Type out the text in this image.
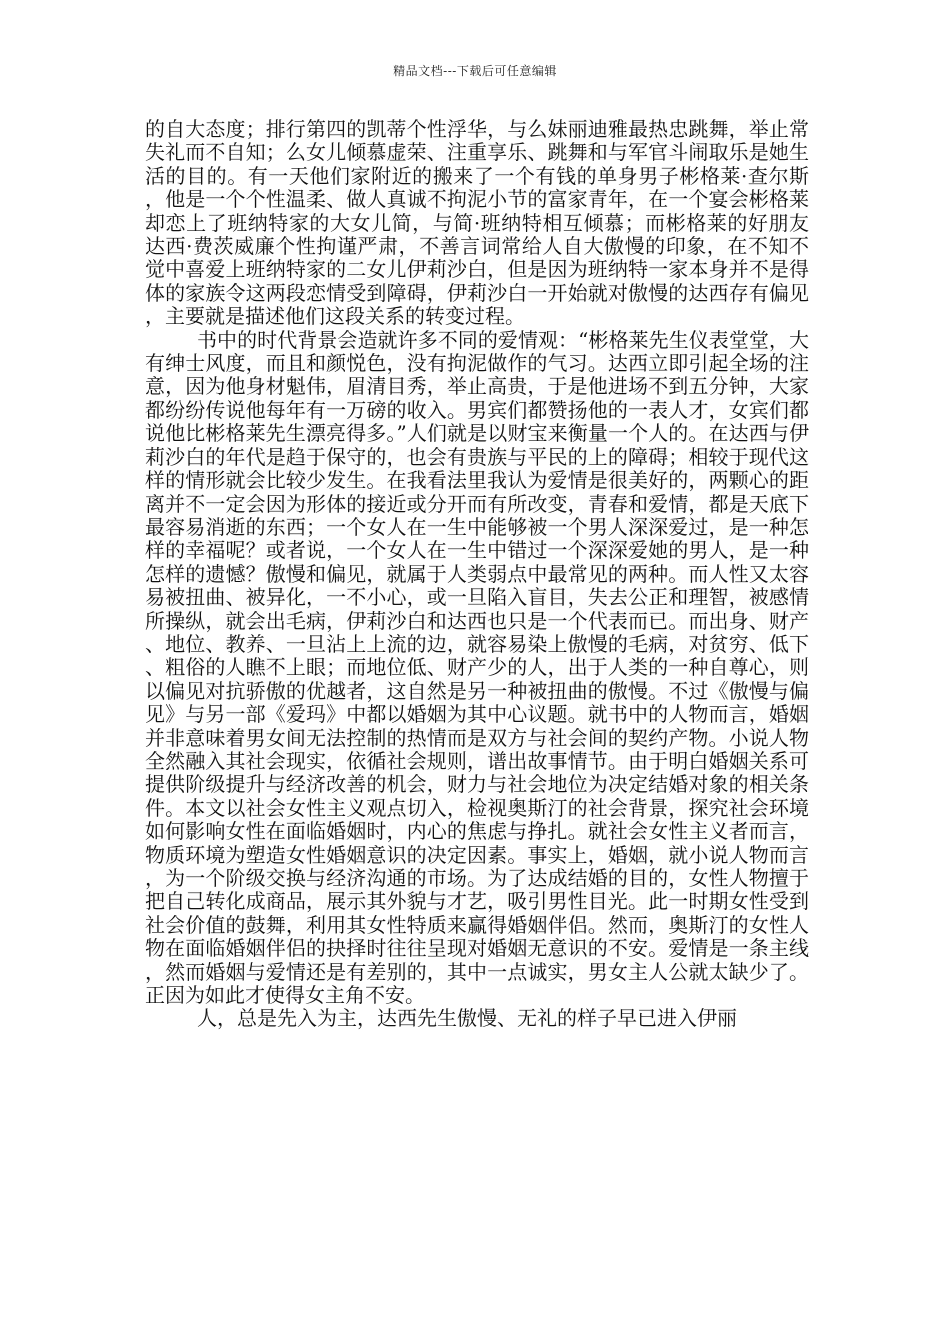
精品文档---下载后可任意编辑

的自大态度；排行第四的凯蒂个性浮华，与么妹丽迪雅最热忠跳舞，举止常失礼而不自知；么女儿倾慕虚荣、注重享乐、跳舞和与军官斗闹取乐是她生活的目的。有一天他们家附近的搬来了一个有钱的单身男子彬格莱·查尔斯，他是一个个性温柔、做人真诚不拘泥小节的富家青年，在一个宴会彬格莱却恋上了班纳特家的大女儿简，与简·班纳特相互倾慕；而彬格莱的好朋友达西·费茨威廉个性拘谨严肃，不善言词常给人自大傲慢的印象，在不知不觉中喜爱上班纳特家的二女儿伊莉沙白，但是因为班纳特一家本身并不是得体的家族令这两段恋情受到障碍，伊莉沙白一开始就对傲慢的达西存有偏见，主要就是描述他们这段关系的转变过程。

书中的时代背景会造就许多不同的爱情观：“彬格莱先生仪表堂堂，大有绅士风度，而且和颜悦色，没有拘泥做作的气习。达西立即引起全场的注意，因为他身材魁伟，眉清目秀，举止高贵，于是他进场不到五分钟，大家都纷纷传说他每年有一万磅的收入。男宾们都赞扬他的一表人才，女宾们都说他比彬格莱先生漂亮得多。”人们就是以财宝来衡量一个人的。在达西与伊莉沙白的年代是趋于保守的，也会有贵族与平民的上的障碍；相较于现代这样的情形就会比较少发生。在我看法里我认为爱情是很美好的，两颗心的距离并不一定会因为形体的接近或分开而有所改变，青春和爱情，都是天底下最容易消逝的东西；一个女人在一生中能够被一个男人深深爱过，是一种怎样的幸福呢？或者说，一个女人在一生中错过一个深深爱她的男人，是一种怎样的遗憾？傲慢和偏见，就属于人类弱点中最常见的两种。而人性又太容易被扭曲、被异化，一不小心，或一旦陷入盲目，失去公正和理智，被感情所操纵，就会出毛病，伊莉沙白和达西也只是一个代表而已。而出身、财产、地位、教养、一旦沾上上流的边，就容易染上傲慢的毛病，对贫穷、低下、粗俗的人瞧不上眼；而地位低、财产少的人，出于人类的一种自尊心，则以偏见对抗骄傲的优越者，这自然是另一种被扭曲的傲慢。不过《傲慢与偏见》与另一部《爱玛》中都以婚姻为其中心议题。就书中的人物而言，婚姻并非意味着男女间无法控制的热情而是双方与社会间的契约产物。小说人物全然融入其社会现实，依循社会规则，谱出故事情节。由于明白婚姻关系可提供阶级提升与经济改善的机会，财力与社会地位为决定结婚对象的相关条件。本文以社会女性主义观点切入，检视奥斯汀的社会背景，探究社会环境如何影响女性在面临婚姻时，内心的焦虑与挣扎。就社会女性主义者而言，物质环境为塑造女性婚姻意识的决定因素。事实上，婚姻，就小说人物而言，为一个阶级交换与经济沟通的市场。为了达成结婚的目的，女性人物擅于把自己转化成商品，展示其外貌与才艺，吸引男性目光。此一时期女性受到社会价值的鼓舞，利用其女性特质来赢得婚姻伴侣。然而，奥斯汀的女性人物在面临婚姻伴侣的抉择时往往呈现对婚姻无意识的不安。爱情是一条主线，然而婚姻与爱情还是有差别的，其中一点诚实，男女主人公就太缺少了。正因为如此才使得女主角不安。

人，总是先入为主，达西先生傲慢、无礼的样子早已进入伊丽
